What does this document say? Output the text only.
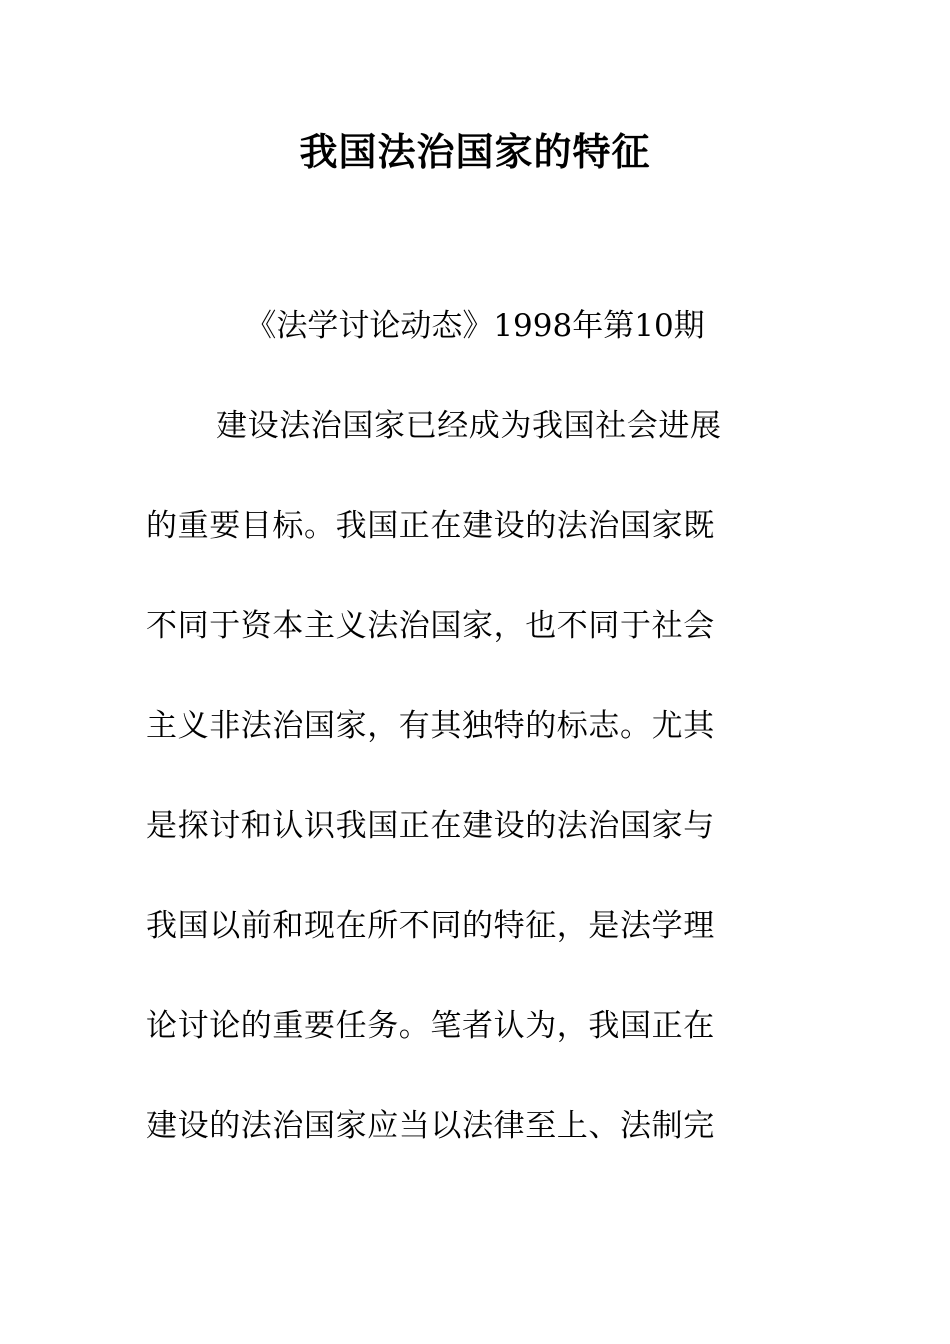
我国法治国家的特征

《法学讨论动态》1998年第10期

建设法治国家已经成为我国社会进展

的重要目标。我国正在建设的法治国家既

不同于资本主义法治国家，也不同于社会

主义非法治国家，有其独特的标志。尤其

是探讨和认识我国正在建设的法治国家与

我国以前和现在所不同的特征，是法学理

论讨论的重要任务。笔者认为，我国正在

建设的法治国家应当以法律至上、法制完
